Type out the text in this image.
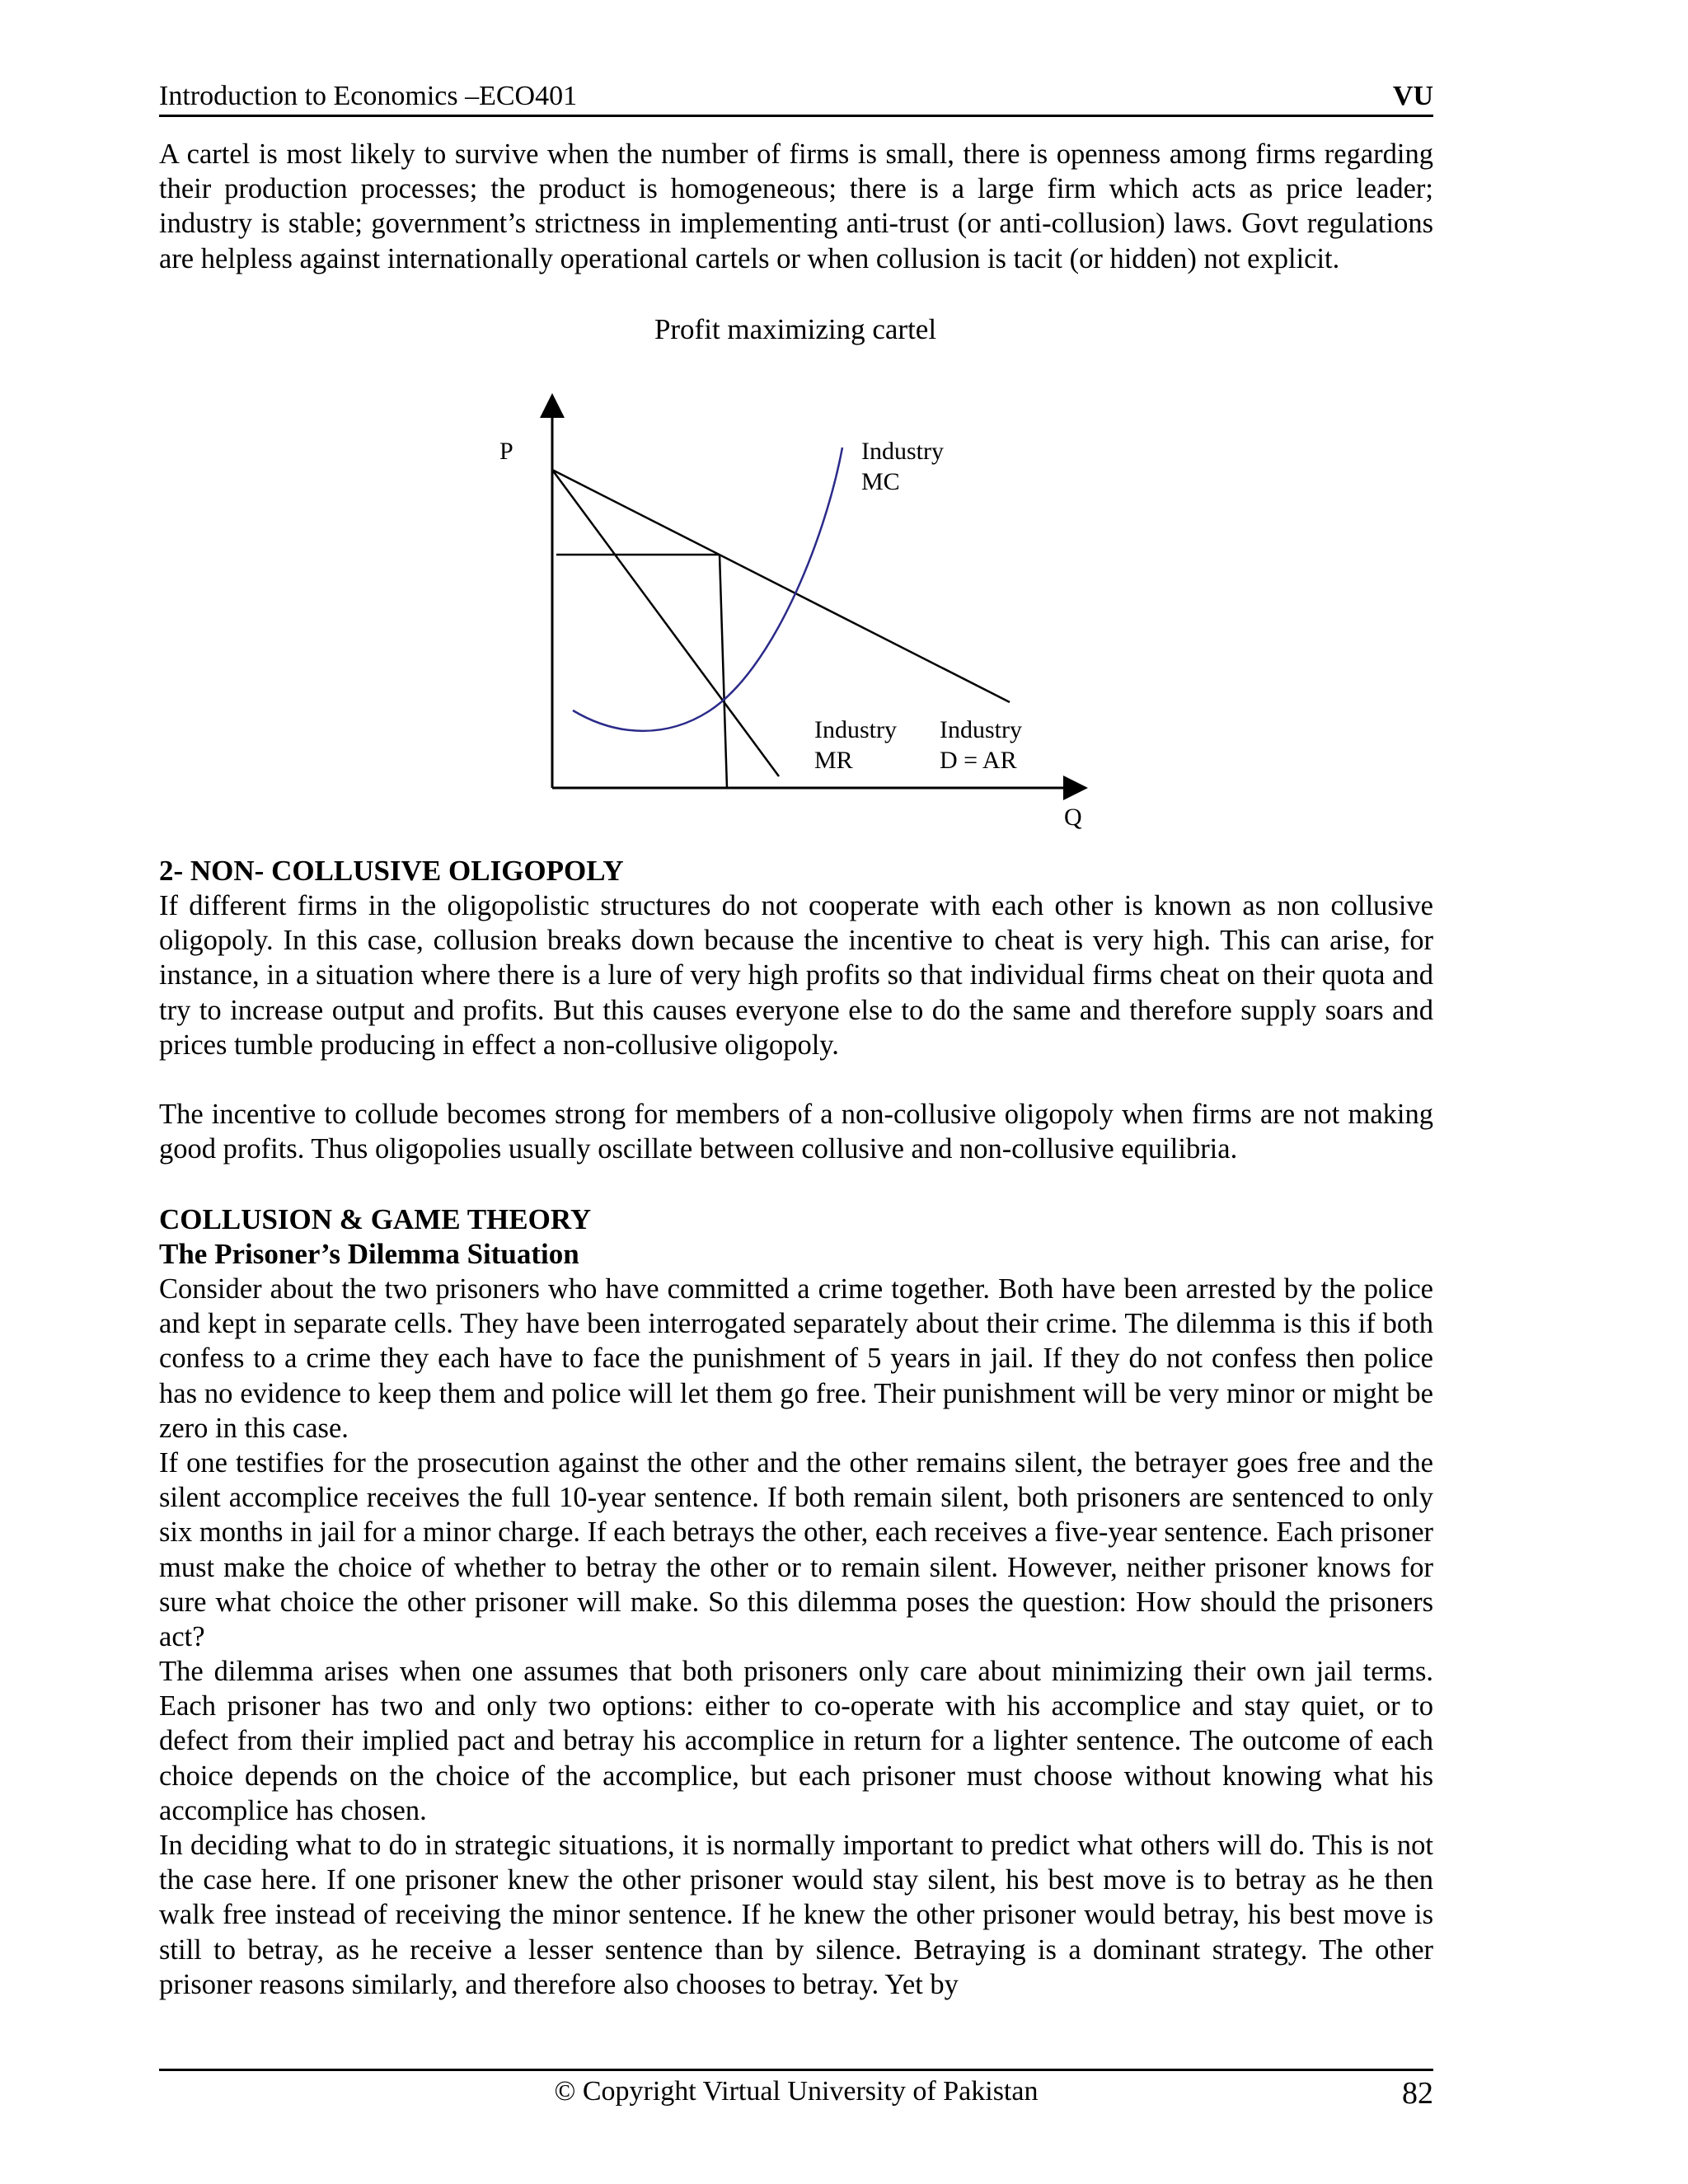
Introduction to Economics –ECO401	VU

A cartel is most likely to survive when the number of firms is small, there is openness among firms regarding their production processes; the product is homogeneous; there is a large firm which acts as price leader; industry is stable; government’s strictness in implementing anti-trust (or anti-collusion) laws. Govt regulations are helpless against internationally operational cartels or when collusion is tacit (or hidden) not explicit.

Profit maximizing cartel
P
Q
Industry
MC
Industry
MR
Industry
D = AR

2- NON- COLLUSIVE OLIGOPOLY

If different firms in the oligopolistic structures do not cooperate with each other is known as non collusive oligopoly. In this case, collusion breaks down because the incentive to cheat is very high. This can arise, for instance, in a situation where there is a lure of very high profits so that individual firms cheat on their quota and try to increase output and profits. But this causes everyone else to do the same and therefore supply soars and prices tumble producing in effect a non-collusive oligopoly.

The incentive to collude becomes strong for members of a non-collusive oligopoly when firms are not making good profits. Thus oligopolies usually oscillate between collusive and non-collusive equilibria.

COLLUSION & GAME THEORY

The Prisoner’s Dilemma Situation

Consider about the two prisoners who have committed a crime together. Both have been arrested by the police and kept in separate cells. They have been interrogated separately about their crime. The dilemma is this if both confess to a crime they each have to face the punishment of 5 years in jail. If they do not confess then police has no evidence to keep them and police will let them go free. Their punishment will be very minor or might be zero in this case.

If one testifies for the prosecution against the other and the other remains silent, the betrayer goes free and the silent accomplice receives the full 10-year sentence. If both remain silent, both prisoners are sentenced to only six months in jail for a minor charge. If each betrays the other, each receives a five-year sentence. Each prisoner must make the choice of whether to betray the other or to remain silent. However, neither prisoner knows for sure what choice the other prisoner will make. So this dilemma poses the question: How should the prisoners act?

The dilemma arises when one assumes that both prisoners only care about minimizing their own jail terms. Each prisoner has two and only two options: either to co-operate with his accomplice and stay quiet, or to defect from their implied pact and betray his accomplice in return for a lighter sentence. The outcome of each choice depends on the choice of the accomplice, but each prisoner must choose without knowing what his accomplice has chosen.

In deciding what to do in strategic situations, it is normally important to predict what others will do. This is not the case here. If one prisoner knew the other prisoner would stay silent, his best move is to betray as he then walk free instead of receiving the minor sentence. If he knew the other prisoner would betray, his best move is still to betray, as he receive a lesser sentence than by silence. Betraying is a dominant strategy. The other prisoner reasons similarly, and therefore also chooses to betray. Yet by

© Copyright Virtual University of Pakistan	82
